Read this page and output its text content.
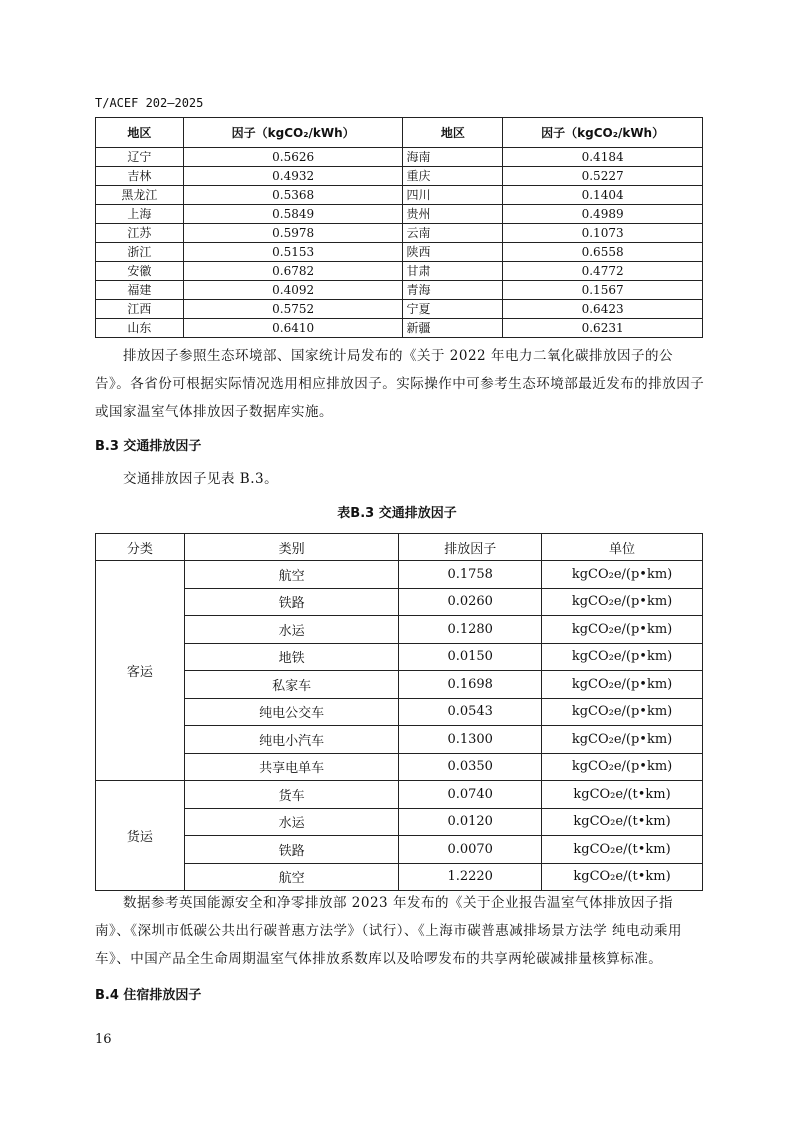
T/ACEF 202—2025
地区	因子（kgCO₂/kWh）	地区	因子（kgCO₂/kWh）
辽宁	0.5626	海南	0.4184
吉林	0.4932	重庆	0.5227
黑龙江	0.5368	四川	0.1404
上海	0.5849	贵州	0.4989
江苏	0.5978	云南	0.1073
浙江	0.5153	陕西	0.6558
安徽	0.6782	甘肃	0.4772
福建	0.4092	青海	0.1567
江西	0.5752	宁夏	0.6423
山东	0.6410	新疆	0.6231
排放因子参照生态环境部、国家统计局发布的《关于 2022 年电力二氧化碳排放因子的公告》。各省份可根据实际情况选用相应排放因子。实际操作中可参考生态环境部最近发布的排放因子或国家温室气体排放因子数据库实施。
B.3 交通排放因子
交通排放因子见表 B.3。
表B.3 交通排放因子
分类	类别	排放因子	单位
客运	航空	0.1758	kgCO₂e/(p•km)
	铁路	0.0260	kgCO₂e/(p•km)
	水运	0.1280	kgCO₂e/(p•km)
	地铁	0.0150	kgCO₂e/(p•km)
	私家车	0.1698	kgCO₂e/(p•km)
	纯电公交车	0.0543	kgCO₂e/(p•km)
	纯电小汽车	0.1300	kgCO₂e/(p•km)
	共享电单车	0.0350	kgCO₂e/(p•km)
货运	货车	0.0740	kgCO₂e/(t•km)
	水运	0.0120	kgCO₂e/(t•km)
	铁路	0.0070	kgCO₂e/(t•km)
	航空	1.2220	kgCO₂e/(t•km)
数据参考英国能源安全和净零排放部 2023 年发布的《关于企业报告温室气体排放因子指南》、《深圳市低碳公共出行碳普惠方法学》（试行）、《上海市碳普惠减排场景方法学 纯电动乘用车》、中国产品全生命周期温室气体排放系数库以及哈啰发布的共享两轮碳减排量核算标准。
B.4 住宿排放因子
16
